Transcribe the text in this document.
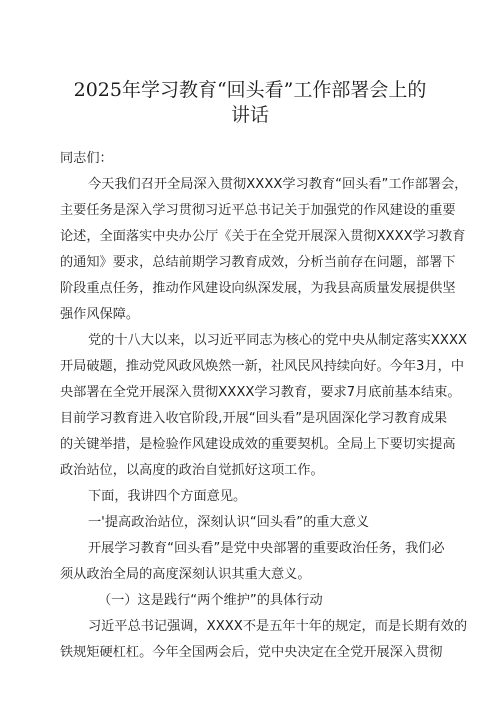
2025年学习教育“回头看”工作部署会上的
讲话

同志们：

今天我们召开全局深入贯彻XXXX学习教育“回头看”工作部署会，

主要任务是深入学习贯彻习近平总书记关于加强党的作风建设的重要

论述，全面落实中央办公厅《关于在全党开展深入贯彻XXXX学习教育

的通知》要求，总结前期学习教育成效，分析当前存在问题，部署下

阶段重点任务，推动作风建设向纵深发展，为我县高质量发展提供坚

强作风保障。

党的十八大以来，以习近平同志为核心的党中央从制定落实XXXX

开局破题，推动党风政风焕然一新，社风民风持续向好。今年3月，中

央部署在全党开展深入贯彻XXXX学习教育，要求7月底前基本结束。

目前学习教育进入收官阶段,开展“回头看”是巩固深化学习教育成果

的关键举措，是检验作风建设成效的重要契机。全局上下要切实提高

政治站位，以高度的政治自觉抓好这项工作。

下面，我讲四个方面意见。

一'提高政治站位，深刻认识“回头看”的重大意义

开展学习教育“回头看”是党中央部署的重要政治任务，我们必

须从政治全局的高度深刻认识其重大意义。

（一）这是践行“两个维护”的具体行动

习近平总书记强调，XXXX不是五年十年的规定，而是长期有效的

铁规矩硬杠杠。今年全国两会后，党中央决定在全党开展深入贯彻
